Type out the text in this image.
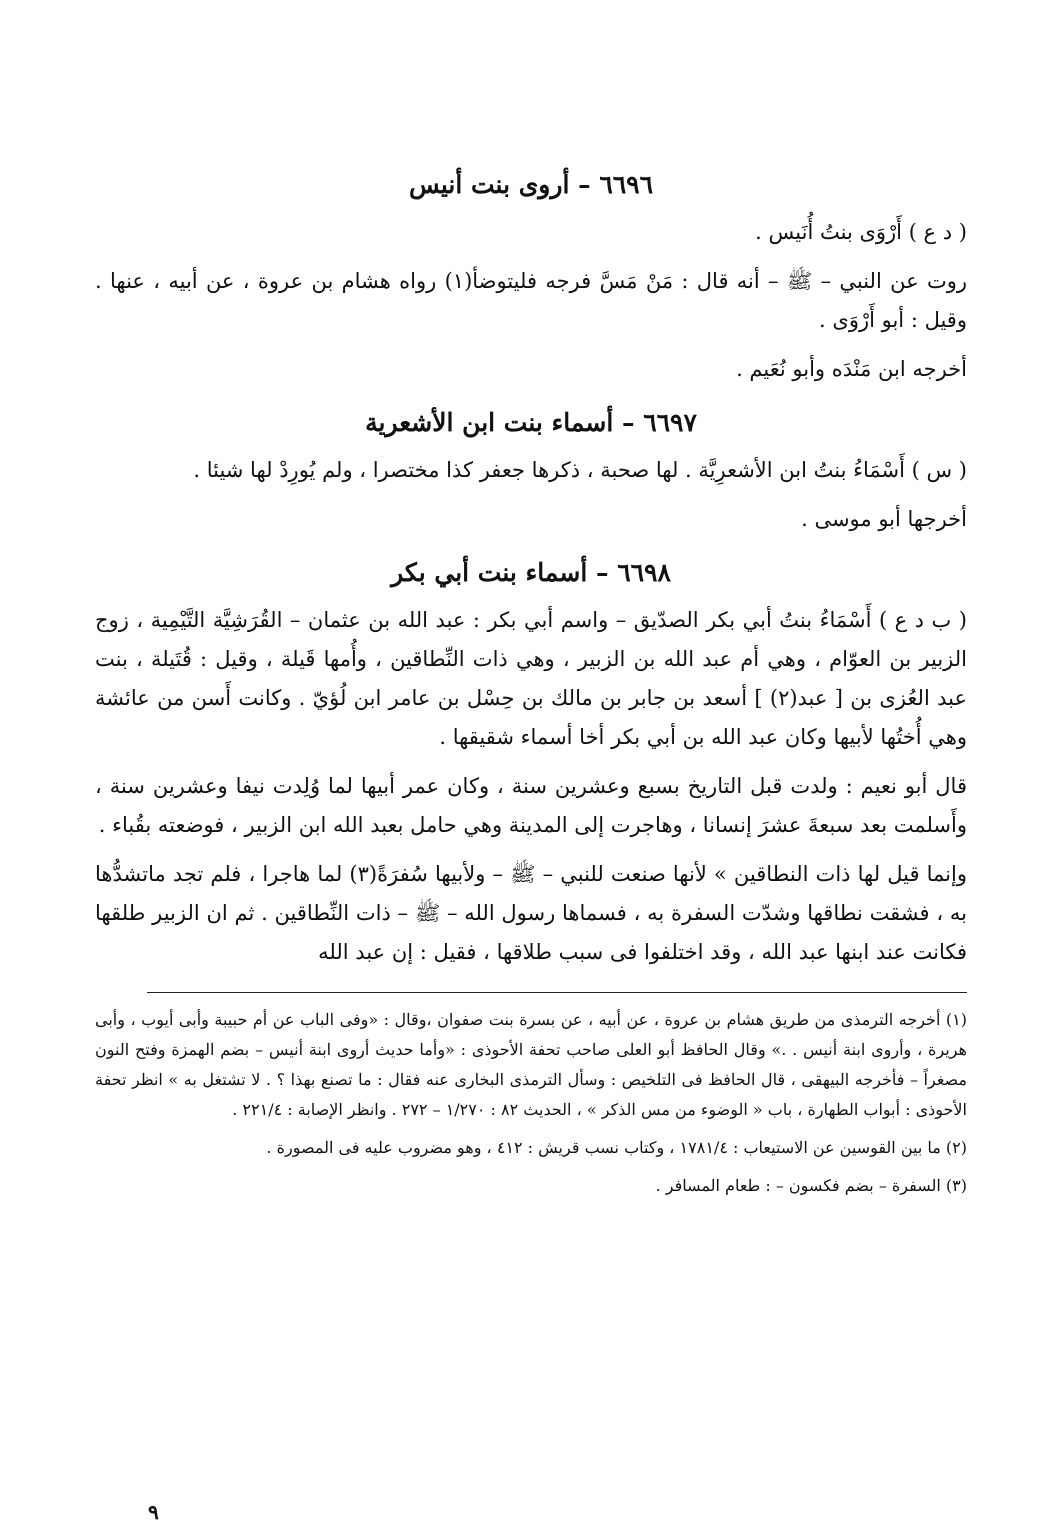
٦٦٩٦ – أروى بنت أنيس

( د ع ) أَرْوَى بنتُ أُنَيس .

روت عن النبي – ﷺ – أنه قال : مَنْ مَسَّ فرجه فليتوضأ(١) رواه هشام بن عروة ، عن أبيه ، عنها . وقيل : أبو أَرْوَى .

أخرجه ابن مَنْدَه وأبو نُعَيم .

٦٦٩٧ – أسماء بنت ابن الأشعرية

( س ) أَسْمَاءُ بنتُ ابن الأشعرِيَّة . لها صحبة ، ذكرها جعفر كذا مختصرا ، ولم يُورِدْ لها شيئا .

أخرجها أبو موسى .

٦٦٩٨ – أسماء بنت أبي بكر

( ب د ع ) أَسْمَاءُ بنتُ أبي بكر الصدّيق – واسم أبي بكر : عبد الله بن عثمان – القُرَشِيَّة التَّيْمِية ، زوج الزبير بن العوّام ، وهي أم عبد الله بن الزبير ، وهي ذات النِّطاقين ، وأُمها قَيلة ، وقيل : قُتَيلة ، بنت عبد العُزى بن [ عبد(٢) ] أسعد بن جابر بن مالك بن حِسْل بن عامر ابن لُؤيّ . وكانت أَسن من عائشة وهي أُختُها لأبيها وكان عبد الله بن أبي بكر أخا أسماء شقيقها .

قال أبو نعيم : ولدت قبل التاريخ بسبع وعشرين سنة ، وكان عمر أبيها لما وُلِدت نيفا وعشرين سنة ، وأَسلمت بعد سبعةَ عشرَ إنسانا ، وهاجرت إلى المدينة وهي حامل بعبد الله ابن الزبير ، فوضعته بقُباء .

وإنما قيل لها ذات النطاقين » لأنها صنعت للنبي – ﷺ – ولأبيها سُفرَةً(٣) لما هاجرا ، فلم تجد ماتشدُّها به ، فشقت نطاقها وشدّت السفرة به ، فسماها رسول الله – ﷺ – ذات النِّطاقين . ثم ان الزبير طلقها فكانت عند ابنها عبد الله ، وقد اختلفوا فى سبب طلاقها ، فقيل : إن عبد الله

(١) أخرجه الترمذى من طريق هشام بن عروة ، عن أبيه ، عن بسرة بنت صفوان ،وقال : «وفى الباب عن أم حبيبة وأبى أيوب ، وأبى هريرة ، وأروى ابنة أنيس . .» وقال الحافظ أبو العلى صاحب تحفة الأحوذى : «وأما حديث أروى ابنة أنيس – بضم الهمزة وفتح النون مصغراً – فأخرجه البيهقى ، قال الحافظ فى التلخيص : وسأل الترمذى البخارى عنه فقال : ما تصنع بهذا ؟ . لا تشتغل به » انظر تحفة الأحوذى : أبواب الطهارة ، باب « الوضوء من مس الذكر » ، الحديث ٨٢ : ١/٢٧٠ – ٢٧٢ . وانظر الإصابة : ٢٢١/٤ .

(٢) ما بين القوسين عن الاستيعاب : ١٧٨١/٤ ، وكتاب نسب قريش : ٤١٢ ، وهو مضروب عليه فى المصورة .

(٣) السفرة – بضم فكسون – : طعام المسافر .

٩
